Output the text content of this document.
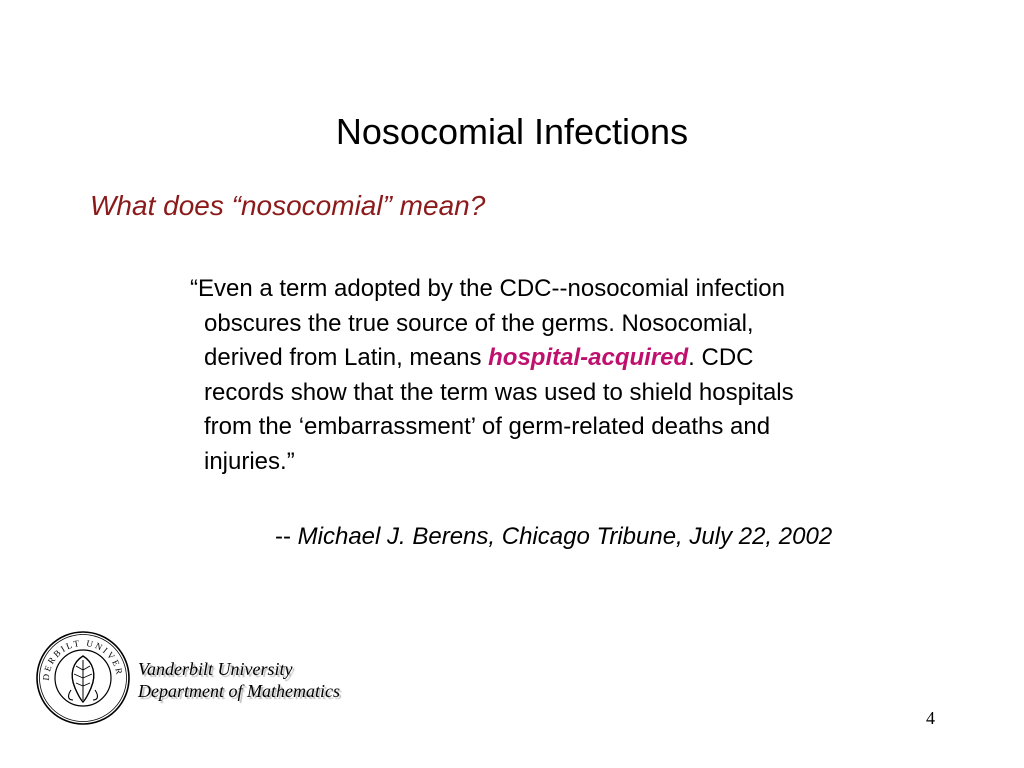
Nosocomial Infections
What does “nosocomial” mean?
“Even a term adopted by the CDC--nosocomial infection
obscures the true source of the germs. Nosocomial,
derived from Latin, means hospital-acquired. CDC
records show that the term was used to shield hospitals
from the ‘embarrassment’ of germ-related deaths and
injuries.”
-- Michael J. Berens, Chicago Tribune, July 22, 2002
DERBILT UNIVER Vanderbilt University
Department of Mathematics
4
